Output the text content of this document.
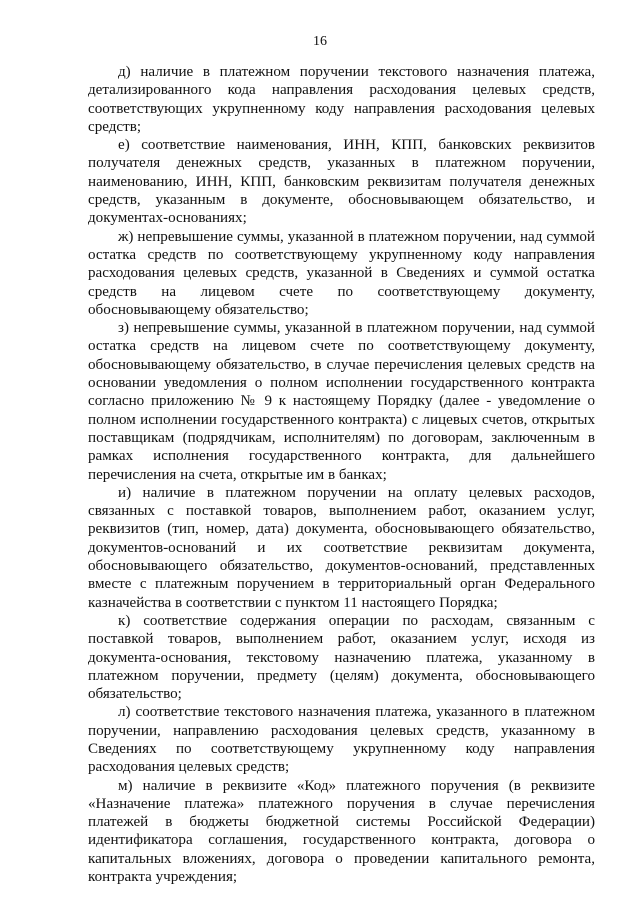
16

д) наличие в платежном поручении текстового назначения платежа, детализированного кода направления расходования целевых средств, соответствующих укрупненному коду направления расходования целевых средств;

е) соответствие наименования, ИНН, КПП, банковских реквизитов получателя денежных средств, указанных в платежном поручении, наименованию, ИНН, КПП, банковским реквизитам получателя денежных средств, указанным в документе, обосновывающем обязательство, и документах-основаниях;

ж) непревышение суммы, указанной в платежном поручении, над суммой остатка средств по соответствующему укрупненному коду направления расходования целевых средств, указанной в Сведениях и суммой остатка средств на лицевом счете по соответствующему документу, обосновывающему обязательство;

з) непревышение суммы, указанной в платежном поручении, над суммой остатка средств на лицевом счете по соответствующему документу, обосновывающему обязательство, в случае перечисления целевых средств на основании уведомления о полном исполнении государственного контракта согласно приложению № 9 к настоящему Порядку (далее - уведомление о полном исполнении государственного контракта) с лицевых счетов, открытых поставщикам (подрядчикам, исполнителям) по договорам, заключенным в рамках исполнения государственного контракта, для дальнейшего перечисления на счета, открытые им в банках;

и) наличие в платежном поручении на оплату целевых расходов, связанных с поставкой товаров, выполнением работ, оказанием услуг, реквизитов (тип, номер, дата) документа, обосновывающего обязательство, документов-оснований и их соответствие реквизитам документа, обосновывающего обязательство, документов-оснований, представленных вместе с платежным поручением в территориальный орган Федерального казначейства в соответствии с пунктом 11 настоящего Порядка;

к) соответствие содержания операции по расходам, связанным с поставкой товаров, выполнением работ, оказанием услуг, исходя из документа-основания, текстовому назначению платежа, указанному в платежном поручении, предмету (целям) документа, обосновывающего обязательство;

л) соответствие текстового назначения платежа, указанного в платежном поручении, направлению расходования целевых средств, указанному в Сведениях по соответствующему укрупненному коду направления расходования целевых средств;

м) наличие в реквизите «Код» платежного поручения (в реквизите «Назначение платежа» платежного поручения в случае перечисления платежей в бюджеты бюджетной системы Российской Федерации) идентификатора соглашения, государственного контракта, договора о капитальных вложениях, договора о проведении капитального ремонта, контракта учреждения;
